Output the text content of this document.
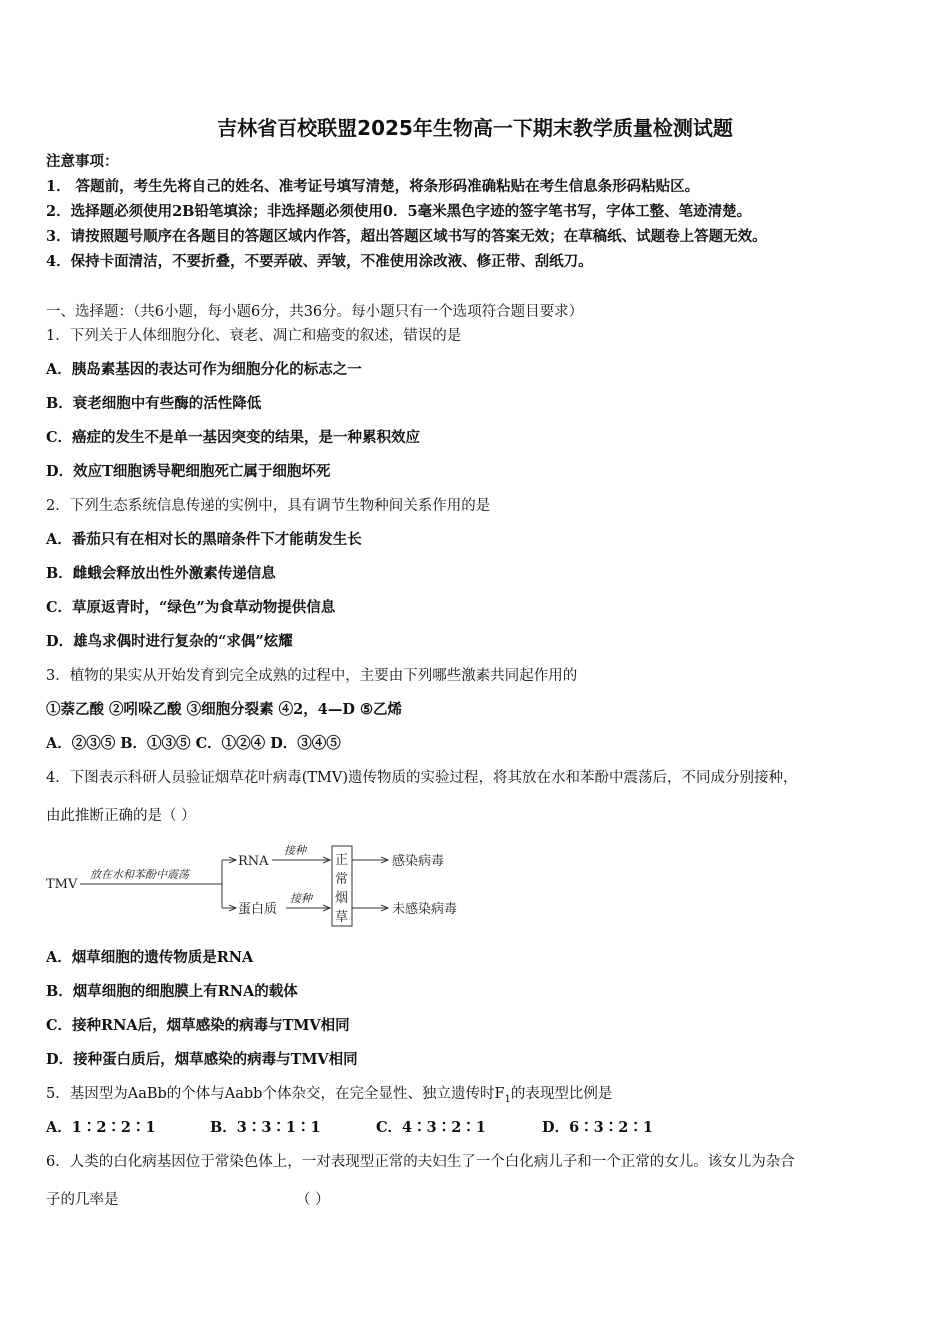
吉林省百校联盟2025年生物高一下期末教学质量检测试题
注意事项：
1． 答题前，考生先将自己的姓名、准考证号填写清楚，将条形码准确粘贴在考生信息条形码粘贴区。
2．选择题必须使用2B铅笔填涂；非选择题必须使用0．5毫米黑色字迹的签字笔书写，字体工整、笔迹清楚。
3．请按照题号顺序在各题目的答题区域内作答，超出答题区域书写的答案无效；在草稿纸、试题卷上答题无效。
4．保持卡面清洁，不要折叠，不要弄破、弄皱，不准使用涂改液、修正带、刮纸刀。
一、选择题：（共6小题，每小题6分，共36分。每小题只有一个选项符合题目要求）
1．下列关于人体细胞分化、衰老、凋亡和癌变的叙述，错误的是
A．胰岛素基因的表达可作为细胞分化的标志之一
B．衰老细胞中有些酶的活性降低
C．癌症的发生不是单一基因突变的结果，是一种累积效应
D．效应T细胞诱导靶细胞死亡属于细胞坏死
2．下列生态系统信息传递的实例中，具有调节生物种间关系作用的是
A．番茄只有在相对长的黑暗条件下才能萌发生长
B．雌蛾会释放出性外激素传递信息
C．草原返青时，“绿色”为食草动物提供信息
D．雄鸟求偶时进行复杂的“求偶”炫耀
3．植物的果实从开始发育到完全成熟的过程中，主要由下列哪些激素共同起作用的
①萘乙酸 ②吲哚乙酸 ③细胞分裂素 ④2，4—D ⑤乙烯
A．②③⑤ B．①③⑤ C．①②④ D．③④⑤
4．下图表示科研人员验证烟草花叶病毒(TMV)遗传物质的实验过程，将其放在水和苯酚中震荡后，不同成分别接种，
由此推断正确的是（ ）
TMV
放在水和苯酚中震荡
RNA
蛋白质
接种
接种
正
常
烟
草
感染病毒
未感染病毒
A．烟草细胞的遗传物质是RNA
B．烟草细胞的细胞膜上有RNA的载体
C．接种RNA后，烟草感染的病毒与TMV相同
D．接种蛋白质后，烟草感染的病毒与TMV相同
5．基因型为AaBb的个体与Aabb个体杂交，在完全显性、独立遗传时$F_1$的表现型比例是
A．1∶2∶2∶1	B．3∶3∶1∶1	C．4∶3∶2∶1	D．6∶3∶2∶1
6．人类的白化病基因位于常染色体上，一对表现型正常的夫妇生了一个白化病儿子和一个正常的女儿。该女儿为杂合
子的几率是	（ ）
